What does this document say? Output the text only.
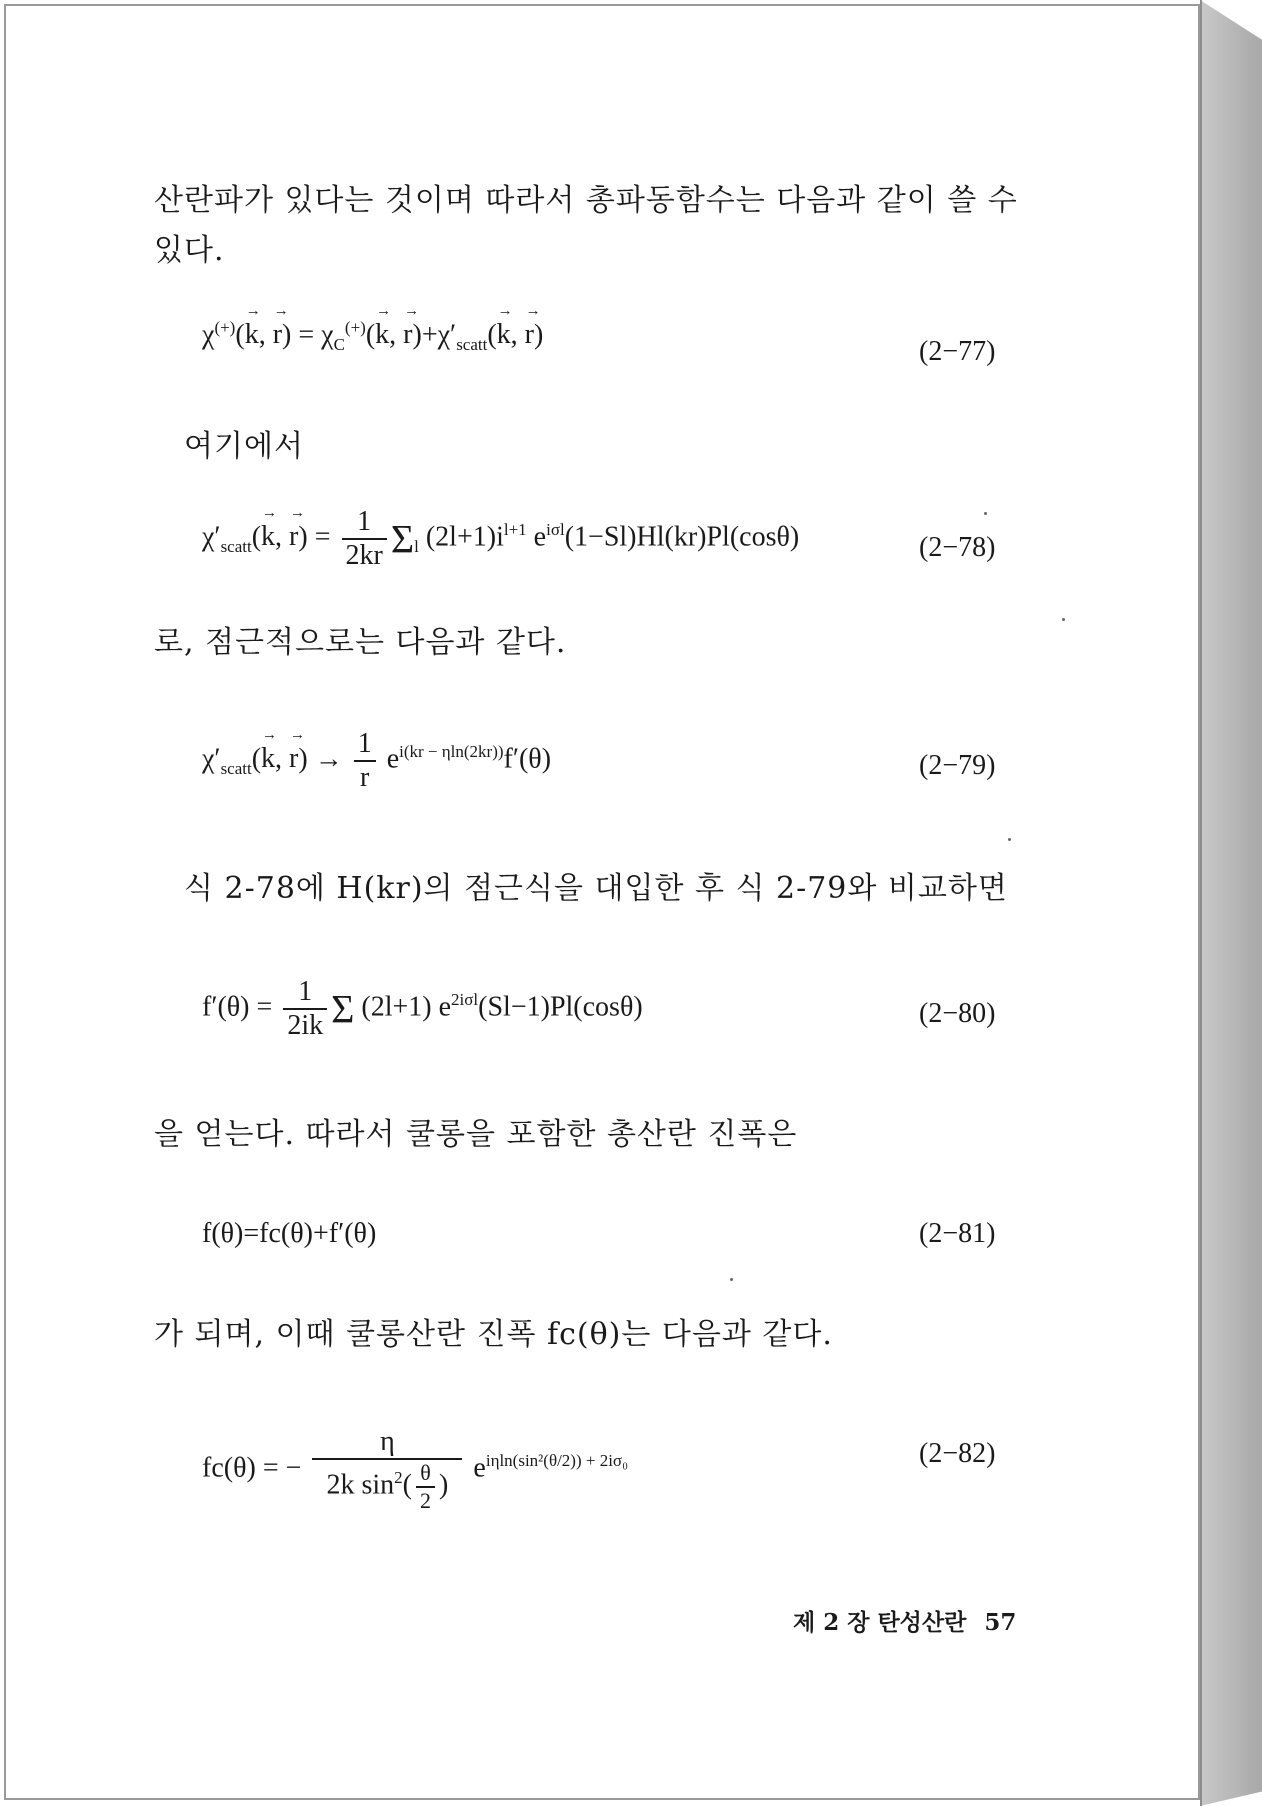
산란파가 있다는 것이며 따라서 총파동함수는 다음과 같이 쓸 수
있다.
χ(+)(→ k, → $r) = \chi_C^{(+)}(\to k$, → $r)+\chi'_{scatt}(\to k$, → r)
(2−77)
여기에서
$\chi'_{scatt}(\to k$, → $r) = \frac{1}{2kr} \Sigma_l$ $(2l+1)i^{l+1}$ $e^{i\sigma l}(1-Sl)Hl(kr)Pl(\cos\theta)$	(2−78)
로, 점근적으로는 다음과 같다.
$\chi'_{scatt}(\to k$, → $r) \to \frac{1}{r} e^{i(kr - \eta ln(2kr))}f'(\theta)$	(2−79)
식 2-78에 H(kr)의 점근식을 대입한 후 식 2-79와 비교하면
$f'(\theta) = \frac{1}{2ik}$ Σ (2l+1) $e^{2i\sigma l}(Sl-1)Pl(\cos\theta)$	(2−80)
을 얻는다. 따라서 쿨롱을 포함한 총산란 진폭은
f(θ)=fc(θ)+f′(θ)	(2−81)
가 되며, 이때 쿨롱산란 진폭 fc(θ)는 다음과 같다.
fc(θ) = − $\frac{\eta}{2k \sin^2( \frac{\theta}{2} )} e^{i\eta ln(sin^2(\theta/2)) + 2i\sigma_0}$	(2−82)
제 2 장 탄성산란 57
